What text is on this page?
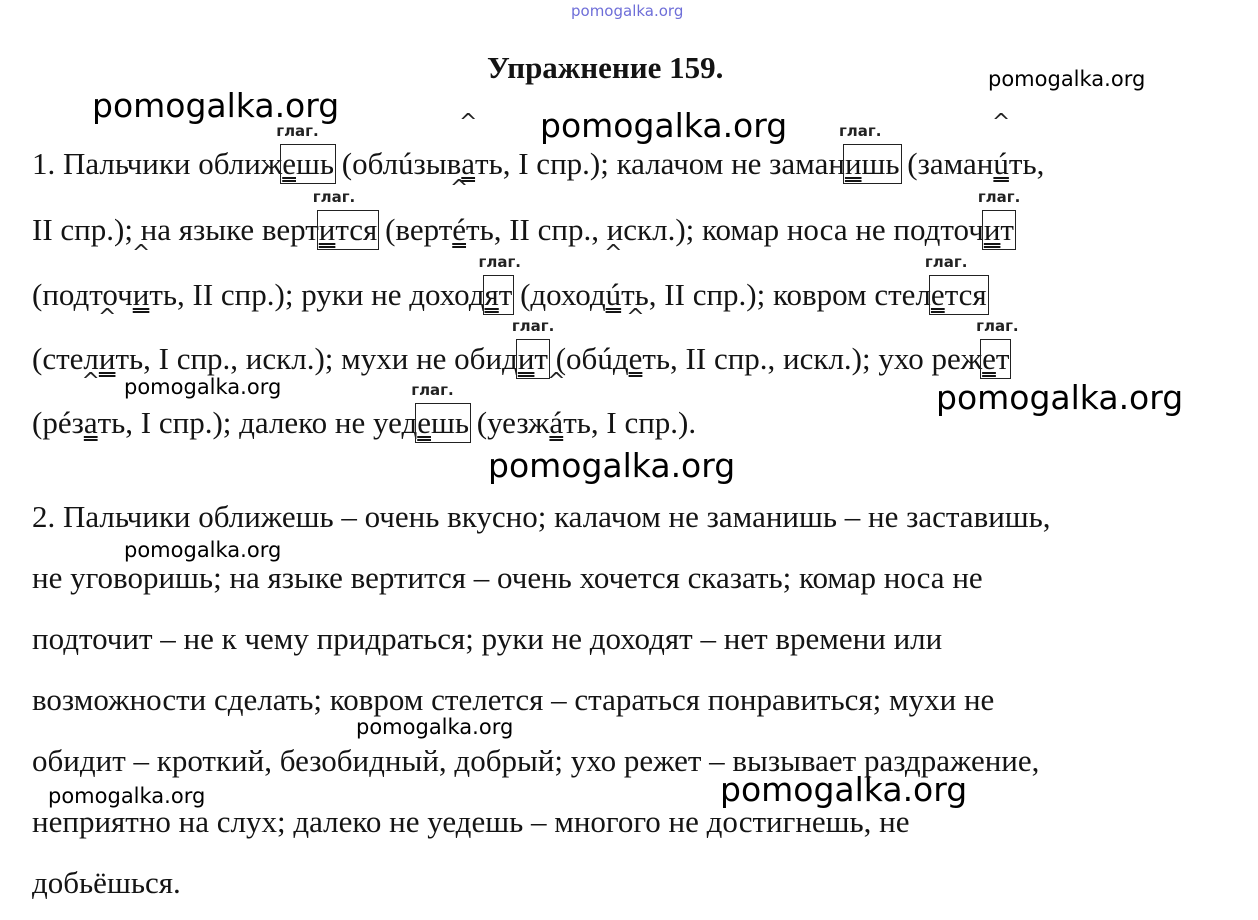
pomogalka.org
pomogalka.org
pomogalka.org
pomogalka.org
pomogalka.org	pomogalka.org
pomogalka.org
pomogalka.org
pomogalka.org
pomogalka.org	pomogalka.org
Упражнение 159.
1. Пальчики оближ
глаг.
ешь (облúзыв
^
ать, I спр.); калачом не заман
глаг.
ишь (заман
^
úть,
II спр.); на языке верт
глаг.
ится (верт
^
éть, II спр., искл.); комар носа не подточ
глаг.
ит
(подточ
^
ить, II спр.); руки не доход
глаг.
ят (доход
^
úть, II спр.); ковром стел
глаг.
ется
(стел
^
ить, I спр., искл.); мухи не обид
глаг.
ит (обúд
^
еть, II спр., искл.); ухо реж
глаг.
ет
(рéз
^
ать, I спр.); далеко не уед
глаг.
ешь (уезж
^
áть, I спр.).
2. Пальчики оближешь – очень вкусно; калачом не заманишь – не заставишь,
не уговоришь; на языке вертится – очень хочется сказать; комар носа не
подточит – не к чему придраться; руки не доходят – нет времени или
возможности сделать; ковром стелется – стараться понравиться; мухи не
обидит – кроткий, безобидный, добрый; ухо режет – вызывает раздражение,
неприятно на слух; далеко не уедешь – многого не достигнешь, не
добьёшься.
